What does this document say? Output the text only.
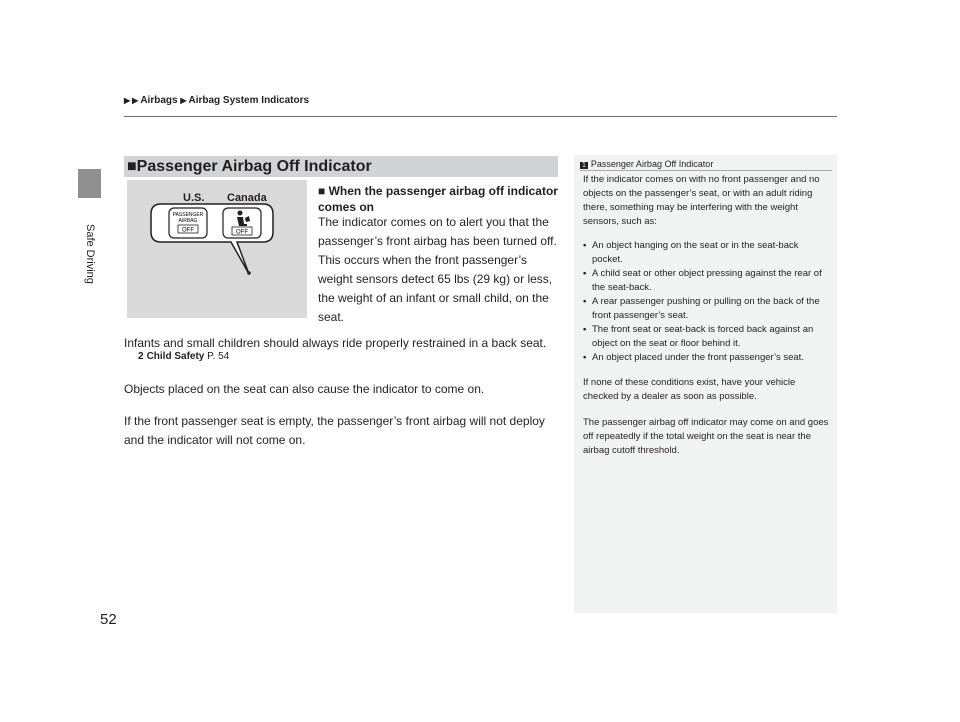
▶ ▶ Airbags ▶ Airbag System Indicators
Safe Driving
■Passenger Airbag Off Indicator
PASSENGER
AIRBAG
OFF	OFF
U.S. Canada	■ When the passenger airbag off indicator comes on
The indicator comes on to alert you that the passenger’s front airbag has been turned off. This occurs when the front passenger’s weight sensors detect 65 lbs (29 kg) or less, the weight of an infant or small child, on the seat.
Infants and small children should always ride properly restrained in a back seat.
2 Child Safety P. 54
Objects placed on the seat can also cause the indicator to come on.
If the front passenger seat is empty, the passenger’s front airbag will not deploy and the indicator will not come on.
1 Passenger Airbag Off Indicator
If the indicator comes on with no front passenger and no objects on the passenger’s seat, or with an adult riding there, something may be interfering with the weight sensors, such as:
• An object hanging on the seat or in the seat-back pocket.
• A child seat or other object pressing against the rear of the seat-back.
• A rear passenger pushing or pulling on the back of the front passenger’s seat.
• The front seat or seat-back is forced back against an object on the seat or floor behind it.
• An object placed under the front passenger’s seat.
If none of these conditions exist, have your vehicle checked by a dealer as soon as possible.
The passenger airbag off indicator may come on and goes off repeatedly if the total weight on the seat is near the airbag cutoff threshold.
52
